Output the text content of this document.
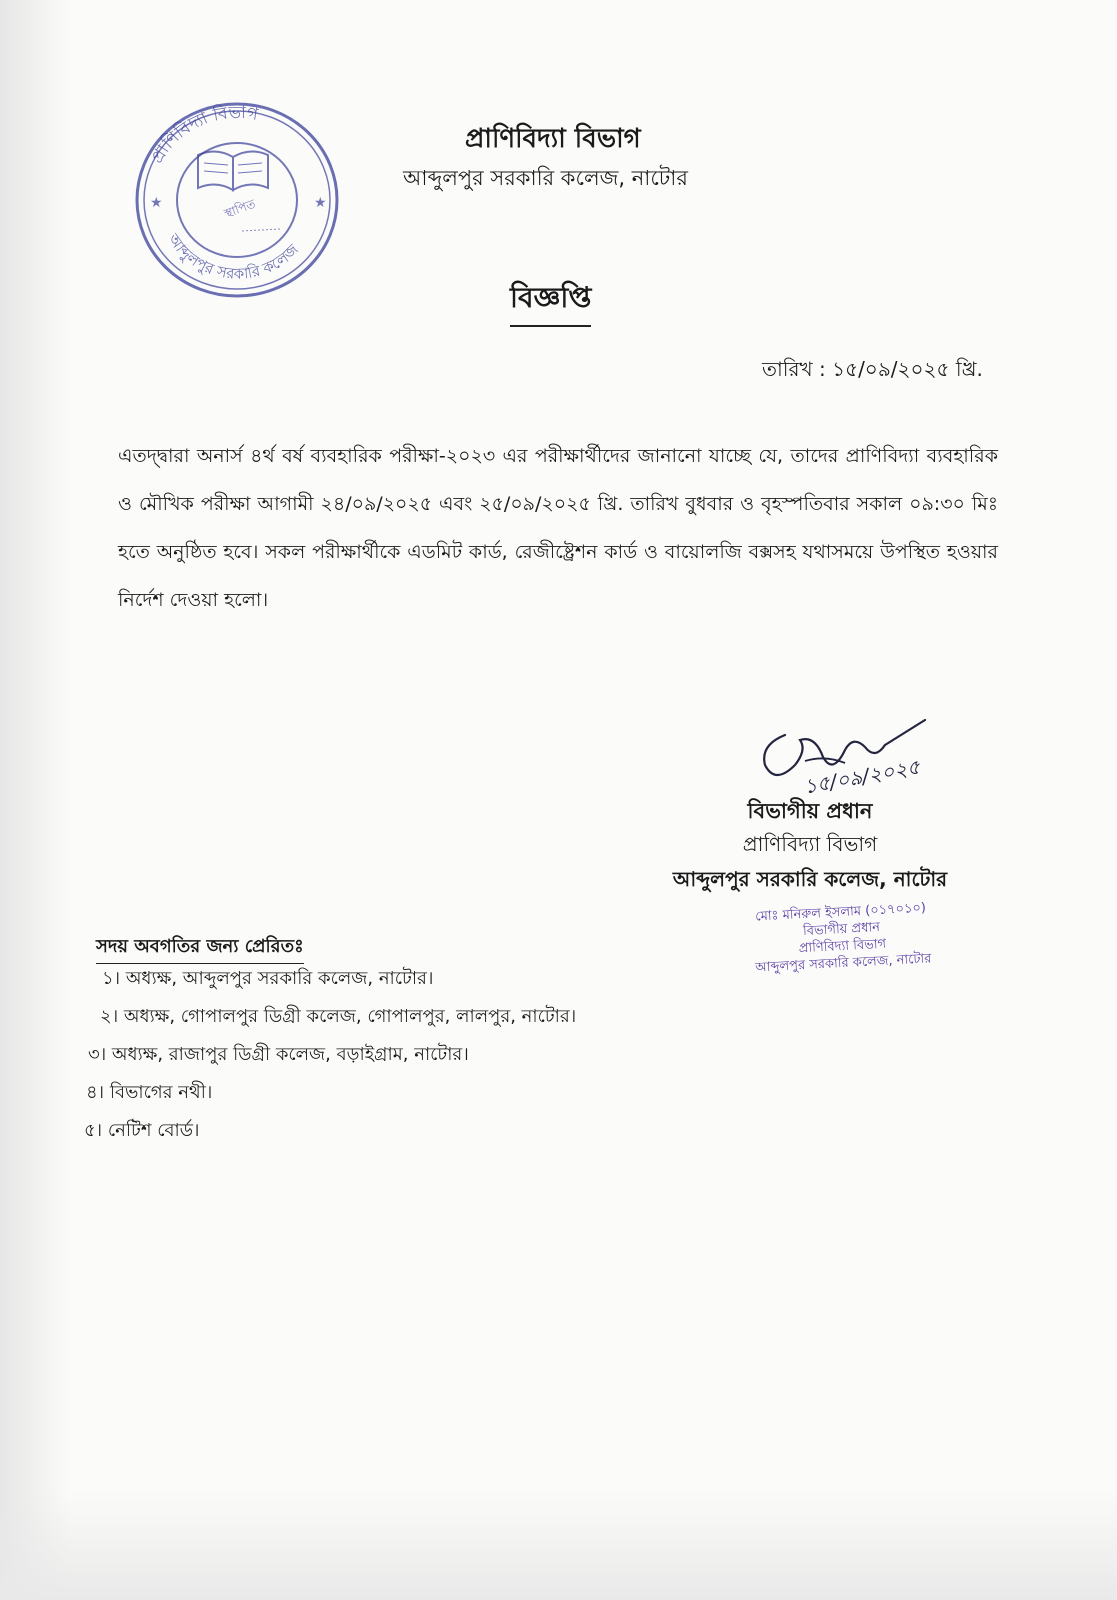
প্রাণিবিদ্যা বিভাগ
আব্দুলপুর সরকারি কলেজ
★	★
স্থাপিত
প্রাণিবিদ্যা বিভাগ
আব্দুলপুর সরকারি কলেজ, নাটোর
বিজ্ঞপ্তি
তারিখ : ১৫/০৯/২০২৫ খ্রি.
এতদ্দ্বারা অনার্স ৪র্থ বর্ষ ব্যবহারিক পরীক্ষা-২০২৩ এর পরীক্ষার্থীদের জানানো যাচ্ছে যে, তাদের প্রাণিবিদ্যা ব্যবহারিক ও মৌখিক পরীক্ষা আগামী ২৪/০৯/২০২৫ এবং ২৫/০৯/২০২৫ খ্রি. তারিখ বুধবার ও বৃহস্পতিবার সকাল ০৯:৩০ মিঃ হতে অনুষ্ঠিত হবে। সকল পরীক্ষার্থীকে এডমিট কার্ড, রেজীষ্ট্রেশন কার্ড ও বায়োলজি বক্সসহ যথাসময়ে উপস্থিত হওয়ার নির্দেশ দেওয়া হলো।
১৫/০৯/২০২৫
বিভাগীয় প্রধান
প্রাণিবিদ্যা বিভাগ
আব্দুলপুর সরকারি কলেজ, নাটোর
মোঃ মনিরুল ইসলাম (০১৭০১০)
বিভাগীয় প্রধান
প্রাণিবিদ্যা বিভাগ
আব্দুলপুর সরকারি কলেজ, নাটোর
সদয় অবগতির জন্য প্রেরিতঃ
১। অধ্যক্ষ, আব্দুলপুর সরকারি কলেজ, নাটোর।
২। অধ্যক্ষ, গোপালপুর ডিগ্রী কলেজ, গোপালপুর, লালপুর, নাটোর।
৩। অধ্যক্ষ, রাজাপুর ডিগ্রী কলেজ, বড়াইগ্রাম, নাটোর।
৪। বিভাগের নথী।
৫। নেটিশ বোর্ড।
